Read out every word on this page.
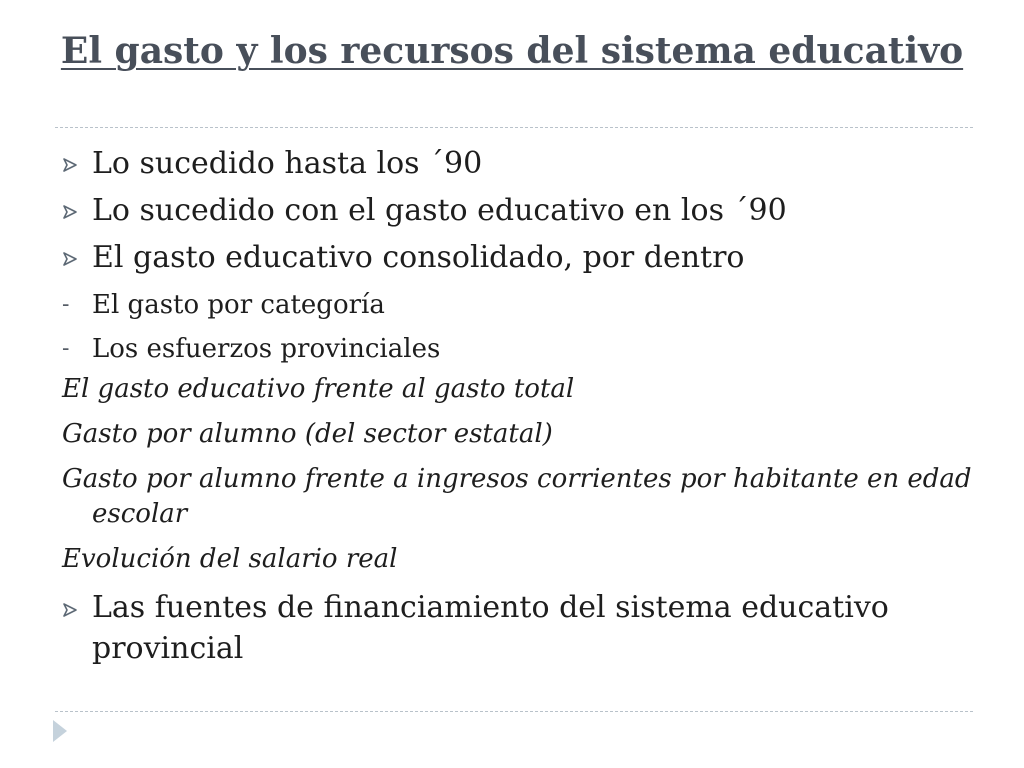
El gasto y los recursos del sistema educativo
Lo sucedido hasta los ´90
Lo sucedido con el gasto educativo en los ´90
El gasto educativo consolidado, por dentro
- El gasto por categoría
- Los esfuerzos provinciales
El gasto educativo frente al gasto total
Gasto por alumno (del sector estatal)
Gasto por alumno frente a ingresos corrientes por habitante en edad escolar
Evolución del salario real
Las fuentes de financiamiento del sistema educativo provincial
